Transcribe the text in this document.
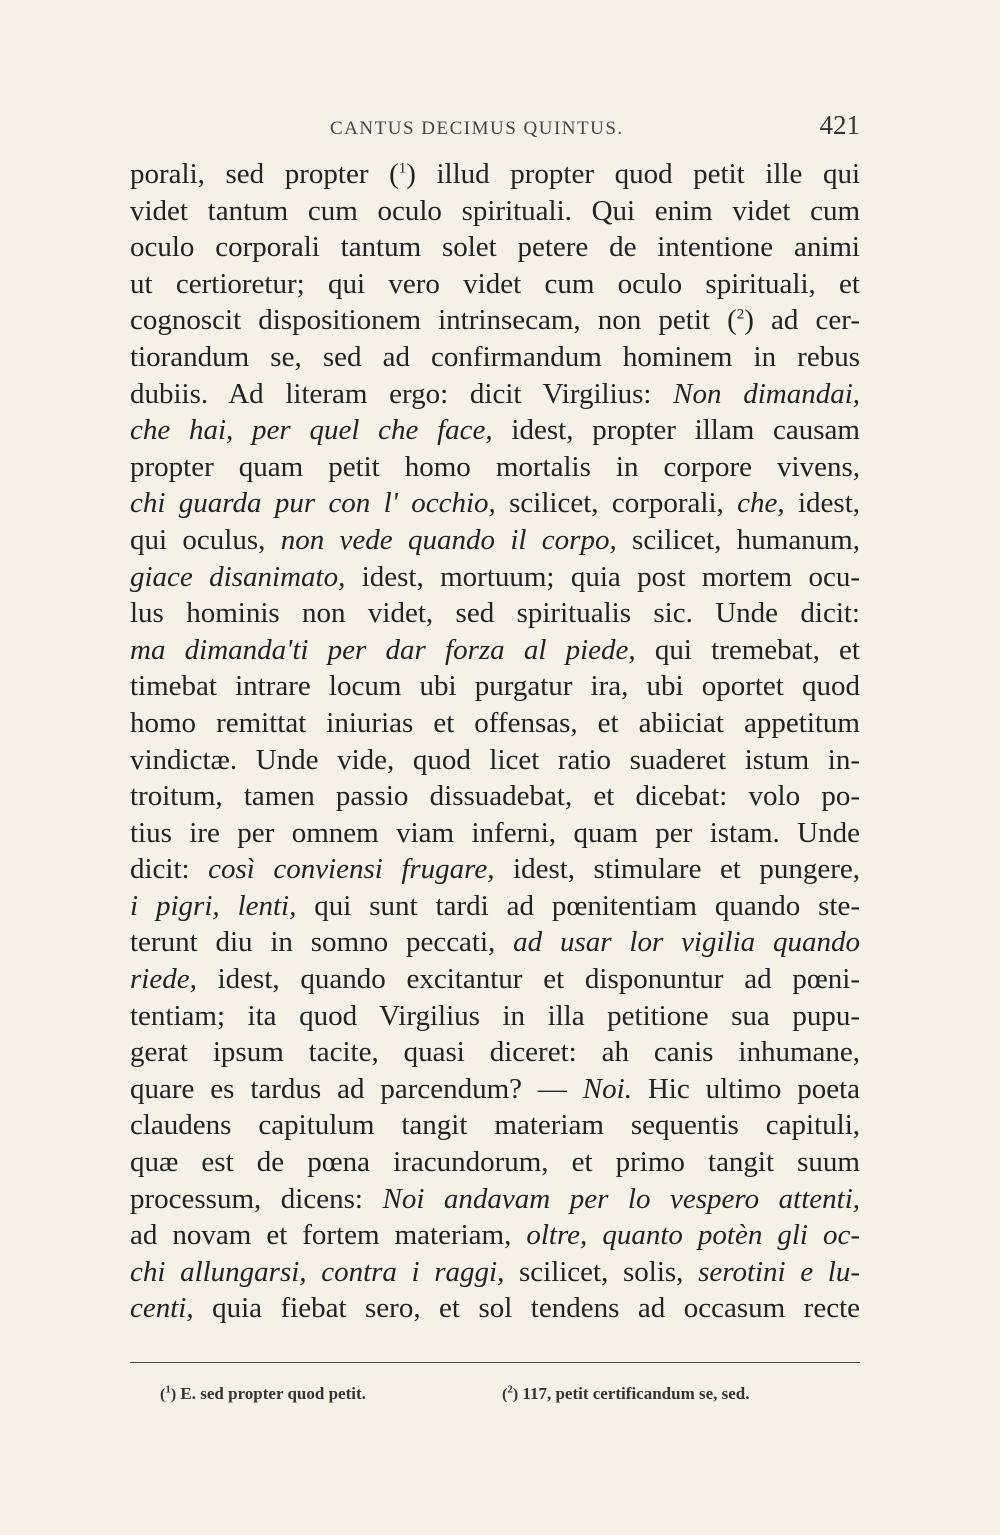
CANTUS DECIMUS QUINTUS.	421
porali, sed propter ($^1$) illud propter quod petit ille qui
videt tantum cum oculo spirituali. Qui enim videt cum
oculo corporali tantum solet petere de intentione animi
ut certioretur; qui vero videt cum oculo spirituali, et
cognoscit dispositionem intrinsecam, non petit ($^2$) ad cer-
tiorandum se, sed ad confirmandum hominem in rebus
dubiis. Ad literam ergo: dicit Virgilius: Non dimandai,
che hai, per quel che face, idest, propter illam causam
propter quam petit homo mortalis in corpore vivens,
chi guarda pur con l' occhio, scilicet, corporali, che, idest,
qui oculus, non vede quando il corpo, scilicet, humanum,
giace disanimato, idest, mortuum; quia post mortem ocu-
lus hominis non videt, sed spiritualis sic. Unde dicit:
ma dimanda'ti per dar forza al piede, qui tremebat, et
timebat intrare locum ubi purgatur ira, ubi oportet quod
homo remittat iniurias et offensas, et abiiciat appetitum
vindictæ. Unde vide, quod licet ratio suaderet istum in-
troitum, tamen passio dissuadebat, et dicebat: volo po-
tius ire per omnem viam inferni, quam per istam. Unde
dicit: così conviensi frugare, idest, stimulare et pungere,
i pigri, lenti, qui sunt tardi ad pœnitentiam quando ste-
terunt diu in somno peccati, ad usar lor vigilia quando
riede, idest, quando excitantur et disponuntur ad pœni-
tentiam; ita quod Virgilius in illa petitione sua pupu-
gerat ipsum tacite, quasi diceret: ah canis inhumane,
quare es tardus ad parcendum? — Noi. Hic ultimo poeta
claudens capitulum tangit materiam sequentis capituli,
quæ est de pœna iracundorum, et primo tangit suum
processum, dicens: Noi andavam per lo vespero attenti,
ad novam et fortem materiam, oltre, quanto potèn gli oc-
chi allungarsi, contra i raggi, scilicet, solis, serotini e lu-
centi, quia fiebat sero, et sol tendens ad occasum recte
($^1$) E. sed propter quod petit.	($^2$) 117, petit certificandum se, sed.
